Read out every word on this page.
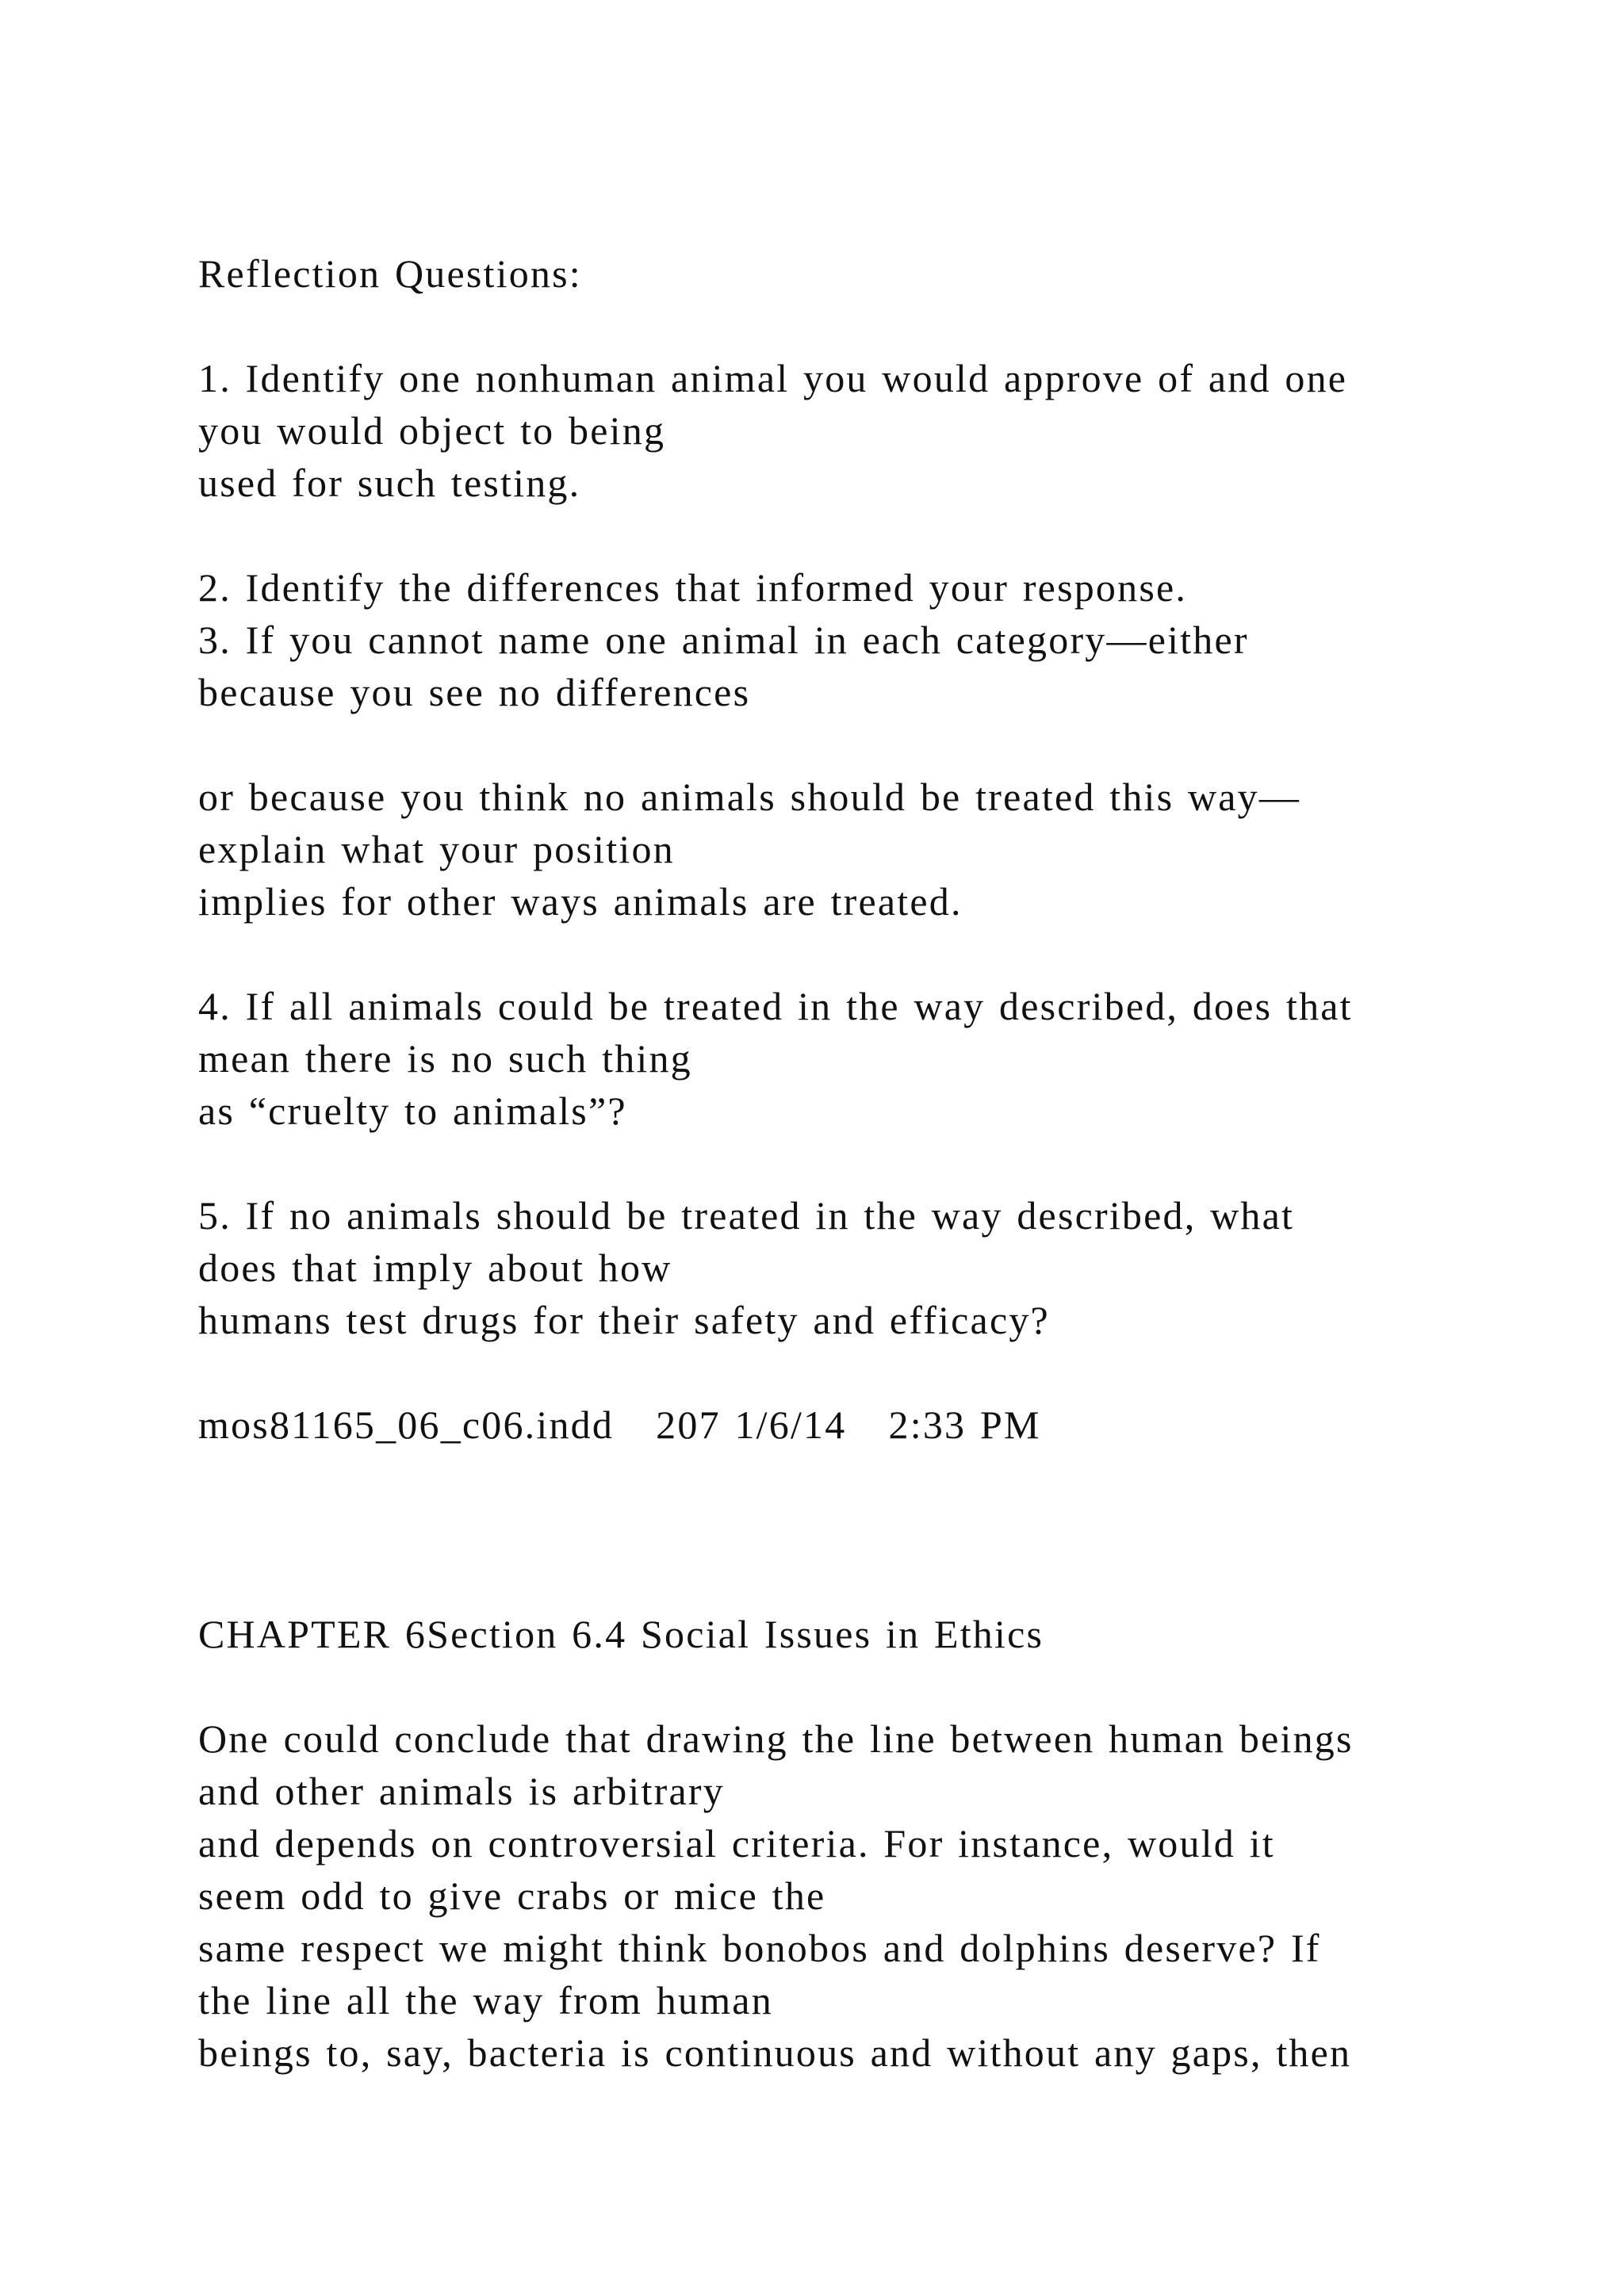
Reflection Questions:
1. Identify one nonhuman animal you would approve of and one
you would object to being
used for such testing.
2. Identify the differences that informed your response.
3. If you cannot name one animal in each category—either
because you see no differences
or because you think no animals should be treated this way—
explain what your position
implies for other ways animals are treated.
4. If all animals could be treated in the way described, does that
mean there is no such thing
as “cruelty to animals”?
5. If no animals should be treated in the way described, what
does that imply about how
humans test drugs for their safety and efficacy?
mos81165_06_c06.indd   207 1/6/14   2:33 PM
CHAPTER 6Section 6.4 Social Issues in Ethics
One could conclude that drawing the line between human beings
and other animals is arbitrary
and depends on controversial criteria. For instance, would it
seem odd to give crabs or mice the
same respect we might think bonobos and dolphins deserve? If
the line all the way from human
beings to, say, bacteria is continuous and without any gaps, then
